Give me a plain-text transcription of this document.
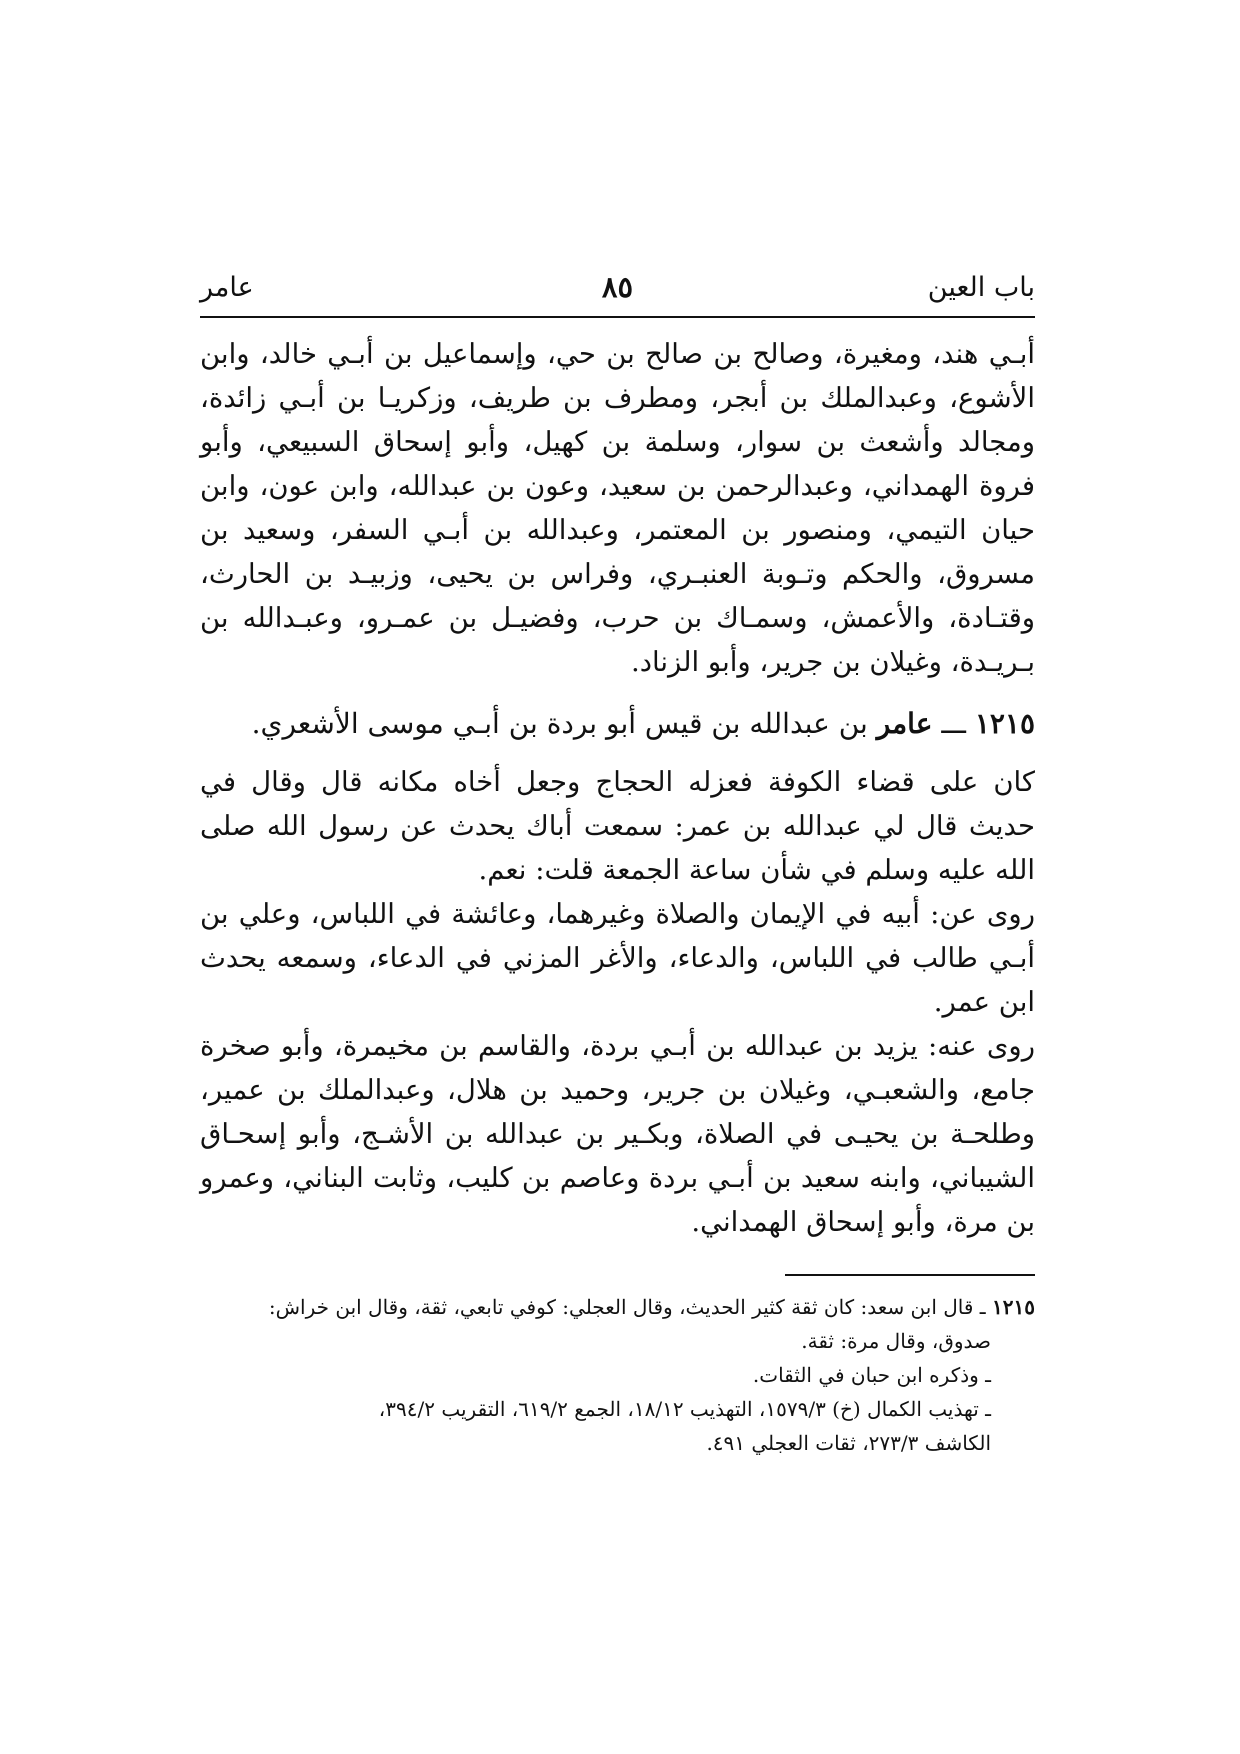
باب العين
٨٥
عامر

أبـي هند، ومغيرة، وصالح بن صالح بن حي، وإسماعيل بن أبـي خالد، وابن الأشوع، وعبدالملك بن أبجر، ومطرف بن طريف، وزكريـا بن أبـي زائدة، ومجالد وأشعث بن سوار، وسلمة بن كهيل، وأبو إسحاق السبيعي، وأبو فروة الهمداني، وعبدالرحمن بن سعيد، وعون بن عبدالله، وابن عون، وابن حيان التيمي، ومنصور بن المعتمر، وعبدالله بن أبـي السفر، وسعيد بن مسروق، والحكم وتـوبة العنبـري، وفراس بن يحيى، وزبيـد بن الحارث، وقتـادة، والأعمش، وسمـاك بن حرب، وفضيـل بن عمـرو، وعبـدالله بن بـريـدة، وغيلان بن جرير، وأبو الزناد.

١٢١٥ ـــ عامر بن عبدالله بن قيس أبو بردة بن أبـي موسى الأشعري.

كان على قضاء الكوفة فعزله الحجاج وجعل أخاه مكانه قال وقال في حديث قال لي عبدالله بن عمر: سمعت أباك يحدث عن رسول الله صلى الله عليه وسلم في شأن ساعة الجمعة قلت: نعم.

روى عن: أبيه في الإيمان والصلاة وغيرهما، وعائشة في اللباس، وعلي بن أبـي طالب في اللباس، والدعاء، والأغر المزني في الدعاء، وسمعه يحدث ابن عمر.

روى عنه: يزيد بن عبدالله بن أبـي بردة، والقاسم بن مخيمرة، وأبو صخرة جامع، والشعبـي، وغيلان بن جرير، وحميد بن هلال، وعبدالملك بن عمير، وطلحـة بن يحيـى في الصلاة، وبكـير بن عبدالله بن الأشـج، وأبو إسحـاق الشيباني، وابنه سعيد بن أبـي بردة وعاصم بن كليب، وثابت البناني، وعمرو بن مرة، وأبو إسحاق الهمداني.

١٢١٥ ـ قال ابن سعد: كان ثقة كثير الحديث، وقال العجلي: كوفي تابعي، ثقة، وقال ابن خراش:

صدوق، وقال مرة: ثقة.

ـ وذكره ابن حبان في الثقات.

ـ تهذيب الكمال (خ) ١٥٧٩/٣، التهذيب ١٨/١٢، الجمع ٦١٩/٢، التقريب ٣٩٤/٢،

الكاشف ٢٧٣/٣، ثقات العجلي ٤٩١.
